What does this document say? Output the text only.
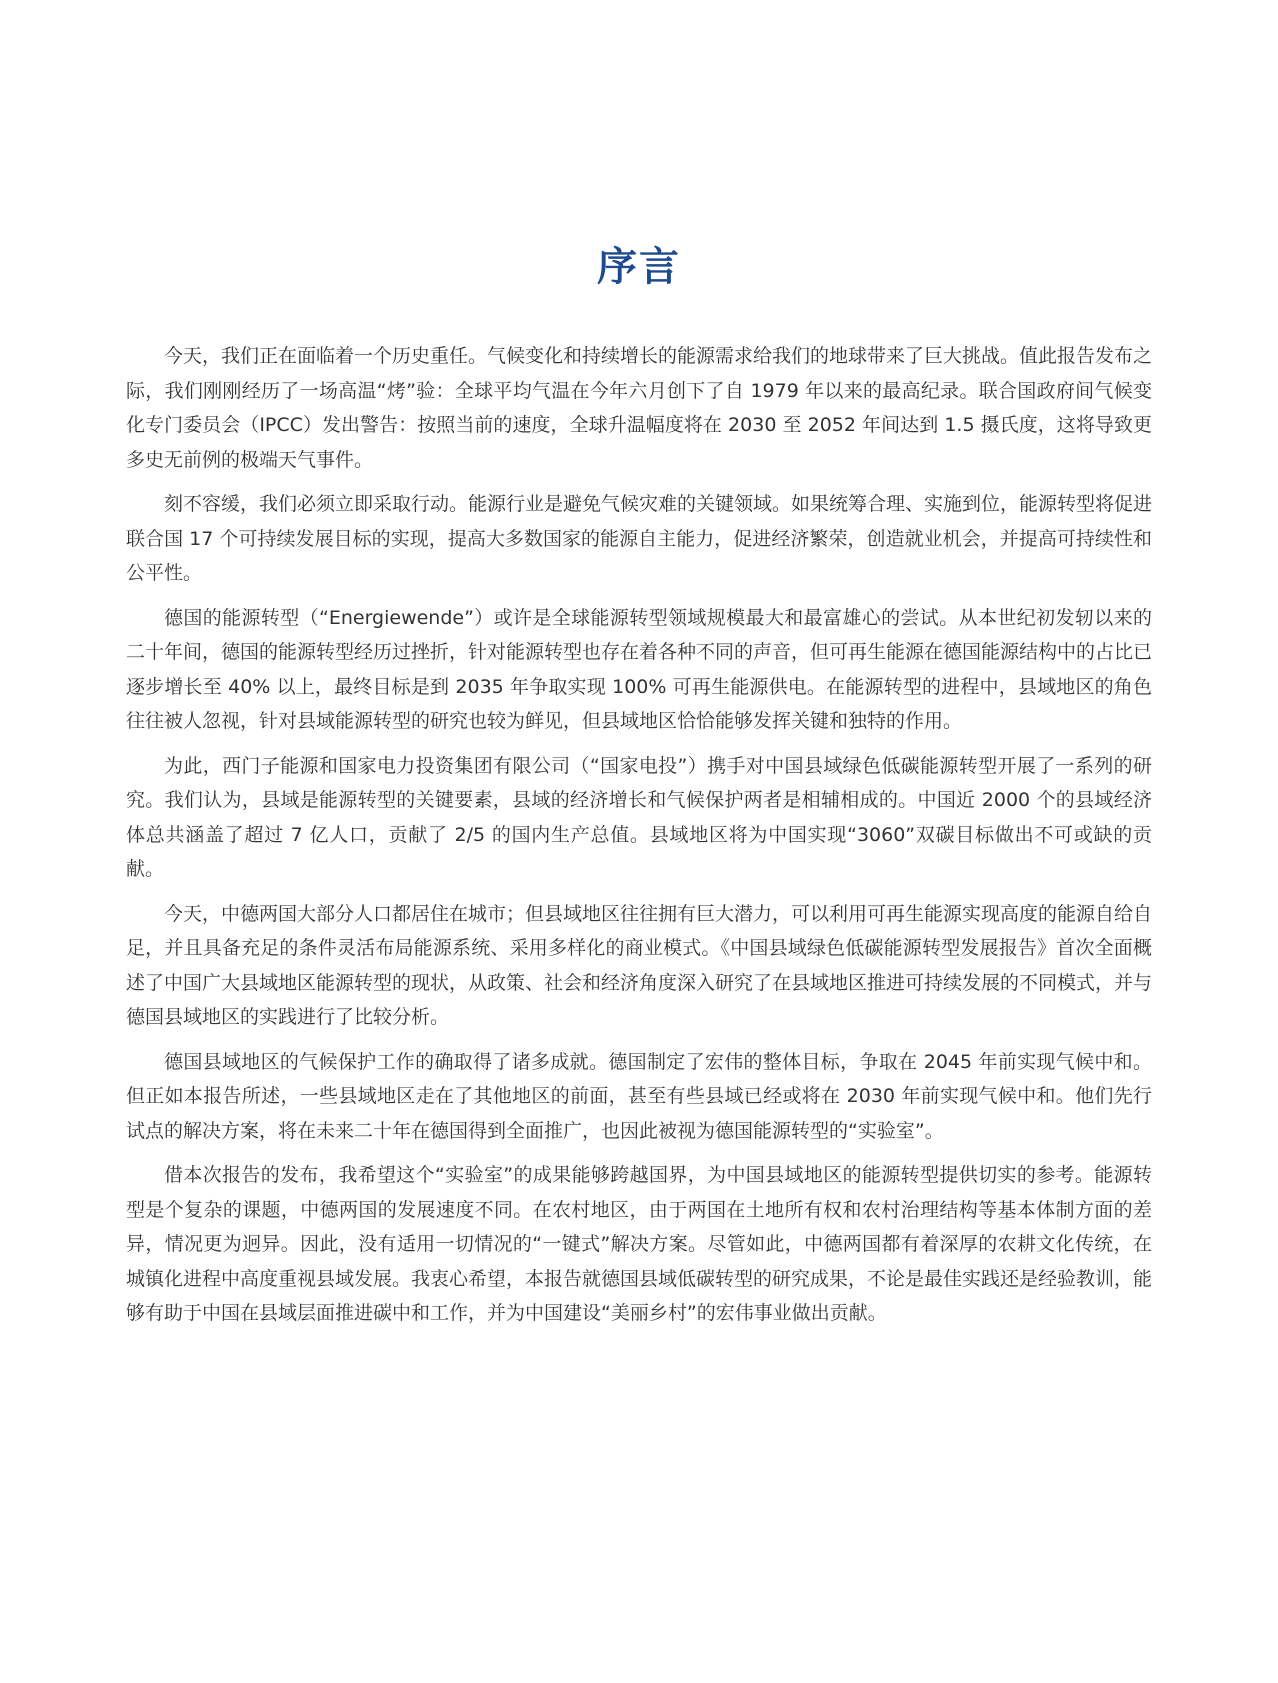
序言

今天，我们正在面临着一个历史重任。气候变化和持续增长的能源需求给我们的地球带来了巨大挑战。值此报告发布之际，我们刚刚经历了一场高温“烤”验：全球平均气温在今年六月创下了自 1979 年以来的最高纪录。联合国政府间气候变化专门委员会（IPCC）发出警告：按照当前的速度，全球升温幅度将在 2030 至 2052 年间达到 1.5 摄氏度，这将导致更多史无前例的极端天气事件。

刻不容缓，我们必须立即采取行动。能源行业是避免气候灾难的关键领域。如果统筹合理、实施到位，能源转型将促进联合国 17 个可持续发展目标的实现，提高大多数国家的能源自主能力，促进经济繁荣，创造就业机会，并提高可持续性和公平性。

德国的能源转型（“Energiewende”）或许是全球能源转型领域规模最大和最富雄心的尝试。从本世纪初发轫以来的二十年间，德国的能源转型经历过挫折，针对能源转型也存在着各种不同的声音，但可再生能源在德国能源结构中的占比已逐步增长至 40% 以上，最终目标是到 2035 年争取实现 100% 可再生能源供电。在能源转型的进程中，县域地区的角色往往被人忽视，针对县域能源转型的研究也较为鲜见，但县域地区恰恰能够发挥关键和独特的作用。

为此，西门子能源和国家电力投资集团有限公司（“国家电投”）携手对中国县域绿色低碳能源转型开展了一系列的研究。我们认为，县域是能源转型的关键要素，县域的经济增长和气候保护两者是相辅相成的。中国近 2000 个的县域经济体总共涵盖了超过 7 亿人口，贡献了 2/5 的国内生产总值。县域地区将为中国实现“3060”双碳目标做出不可或缺的贡献。

今天，中德两国大部分人口都居住在城市；但县域地区往往拥有巨大潜力，可以利用可再生能源实现高度的能源自给自足，并且具备充足的条件灵活布局能源系统、采用多样化的商业模式。《中国县域绿色低碳能源转型发展报告》首次全面概述了中国广大县域地区能源转型的现状，从政策、社会和经济角度深入研究了在县域地区推进可持续发展的不同模式，并与德国县域地区的实践进行了比较分析。

德国县域地区的气候保护工作的确取得了诸多成就。德国制定了宏伟的整体目标，争取在 2045 年前实现气候中和。但正如本报告所述，一些县域地区走在了其他地区的前面，甚至有些县域已经或将在 2030 年前实现气候中和。他们先行试点的解决方案，将在未来二十年在德国得到全面推广，也因此被视为德国能源转型的“实验室”。

借本次报告的发布，我希望这个“实验室”的成果能够跨越国界，为中国县域地区的能源转型提供切实的参考。能源转型是个复杂的课题，中德两国的发展速度不同。在农村地区，由于两国在土地所有权和农村治理结构等基本体制方面的差异，情况更为迥异。因此，没有适用一切情况的“一键式”解决方案。尽管如此，中德两国都有着深厚的农耕文化传统，在城镇化进程中高度重视县域发展。我衷心希望，本报告就德国县域低碳转型的研究成果，不论是最佳实践还是经验教训，能够有助于中国在县域层面推进碳中和工作，并为中国建设“美丽乡村”的宏伟事业做出贡献。
